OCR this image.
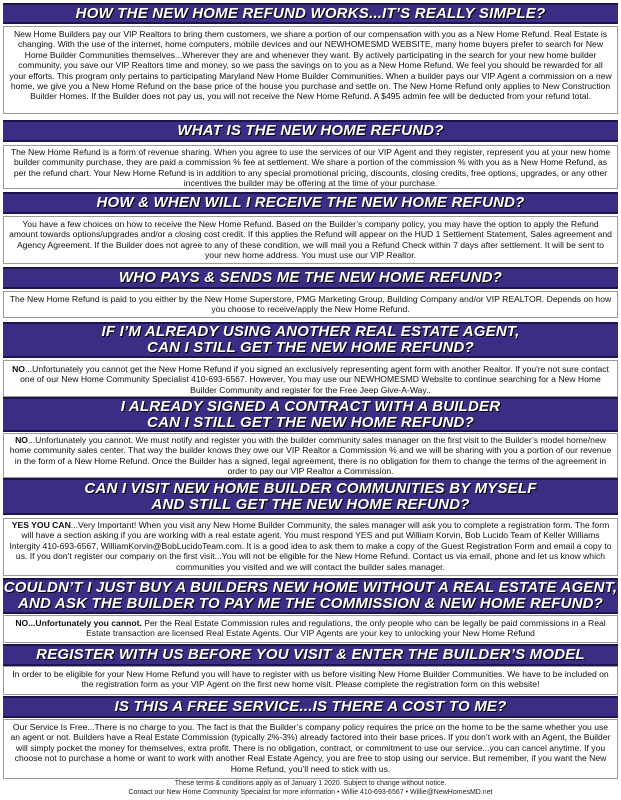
HOW THE NEW HOME REFUND WORKS...IT’S REALLY SIMPLE?
New Home Builders pay our VIP Realtors to bring them customers, we share a portion of our compensation with you as a New Home Refund. Real Estate is changing. With the use of the internet, home computers, mobile devices and our NEWHOMESMD WEBSITE, many home buyers prefer to search for New Home Builder Communities themselves...Wherever they are and whenever they want. By actively participating in the search for your new home builder community, you save our VIP Realtors time and money, so we pass the savings on to you as a New Home Refund. We feel you should be rewarded for all your efforts. This program only pertains to participating Maryland New Home Builder Communities. When a builder pays our VIP Agent a commission on a new home, we give you a New Home Refund on the base price of the house you purchase and settle on. The New Home Refund only applies to New Construction Builder Homes. If the Builder does not pay us, you will not receive the New Home Refund. A $495 admin fee will be deducted from your refund total.
WHAT IS THE NEW HOME REFUND?
The New Home Refund is a form of revenue sharing. When you agree to use the services of our VIP Agent and they register, represent you at your new home builder community purchase, they are paid a commission % fee at settlement. We share a portion of the commission % with you as a New Home Refund, as per the refund chart. Your New Home Refund is in addition to any special promotional pricing, discounts, closing credits, free options, upgrades, or any other incentives the builder may be offering at the time of your purchase.
HOW & WHEN WILL I RECEIVE THE NEW HOME REFUND?
You have a few choices on how to receive the New Home Refund. Based on the Builder’s company policy, you may have the option to apply the Refund amount towards options/upgrades and/or a closing cost credit. If this applies the Refund will appear on the HUD 1 Settlement Statement, Sales agreement and Agency Agreement. If the Builder does not agree to any of these condition, we will mail you a Refund Check within 7 days after settlement. It will be sent to your new home address. You must use our VIP Realtor.
WHO PAYS & SENDS ME THE NEW HOME REFUND?
The New Home Refund is paid to you either by the New Home Superstore, PMG Marketing Group, Building Company and/or VIP REALTOR. Depends on how you choose to receive/apply the New Home Refund.
IF I’M ALREADY USING ANOTHER REAL ESTATE AGENT,
CAN I STILL GET THE NEW HOME REFUND?
NO...Unfortunately you cannot get the New Home Refund if you signed an exclusively representing agent form with another Realtor. If you're not sure contact one of our New Home Community Specialist 410-693-6567. However, You may use our NEWHOMESMD Website to continue searching for a New Home Builder Community and register for the Free Jeep Give-A-Way..
I ALREADY SIGNED A CONTRACT WITH A BUILDER
CAN I STILL GET THE NEW HOME REFUND?
NO...Unfortunately you cannot. We must notify and register you with the builder community sales manager on the first visit to the Builder’s model home/new home community sales center. That way the builder knows they owe our VIP Realtor a Commission % and we will be sharing with you a portion of our revenue in the form of a New Home Refund. Once the Builder has a signed, legal agreement, there is no obligation for them to change the terms of the agreement in order to pay our VIP Realtor a Commission.
CAN I VISIT NEW HOME BUILDER COMMUNITIES BY MYSELF
AND STILL GET THE NEW HOME REFUND?
YES YOU CAN...Very Important! When you visit any New Home Builder Community, the sales manager will ask you to complete a registration form. The form will have a section asking if you are working with a real estate agent. You must respond YES and put William Korvin, Bob Lucido Team of Keller Williams Intergity 410-693-6567, WilliamKorvin@BobLucidoTeam.com. It is a good idea to ask them to make a copy of the Guest Registration Form and email a copy to us. If you don’t register our company on the first visit...You will not be eligible for the New Home Refund. Contact us via email, phone and let us know which communities you visited and we will contact the builder sales manager.
COULDN’T I JUST BUY A BUILDERS NEW HOME WITHOUT A REAL ESTATE AGENT,
AND ASK THE BUILDER TO PAY ME THE COMMISSION & NEW HOME REFUND?
NO...Unfortunately you cannot. Per the Real Estate Commission rules and regulations, the only people who can be legally be paid commissions in a Real Estate transaction are licensed Real Estate Agents. Our VIP Agents are your key to unlocking your New Home Refund
REGISTER WITH US BEFORE YOU VISIT & ENTER THE BUILDER’S MODEL
In order to be eligible for your New Home Refund you will have to register with us before visiting New Home Builder Communities. We have to be included on the registration form as your VIP Agent on the first new home visit. Please complete the registration form on this website!
IS THIS A FREE SERVICE...IS THERE A COST TO ME?
Our Service Is Free...There is no charge to you. The fact is that the Builder’s company policy requires the price on the home to be the same whether you use an agent or not. Builders have a Real Estate Commission (typically 2%-3%) already factored into their base prices. If you don’t work with an Agent, the Builder will simply pocket the money for themselves, extra profit. There is no obligation, contract, or commitment to use our service...you can cancel anytime. If you choose not to purchase a home or want to work with another Real Estate Agency, you are free to stop using our service. But remember, if you want the New Home Refund, you’ll need to stick with us.
These terms & conditions apply as of January 1 2020. Subject to change without notice.
Contact our New Home Community Specialist for more information • Willie 410-693-6567 • Willie@NewHomesMD.net
